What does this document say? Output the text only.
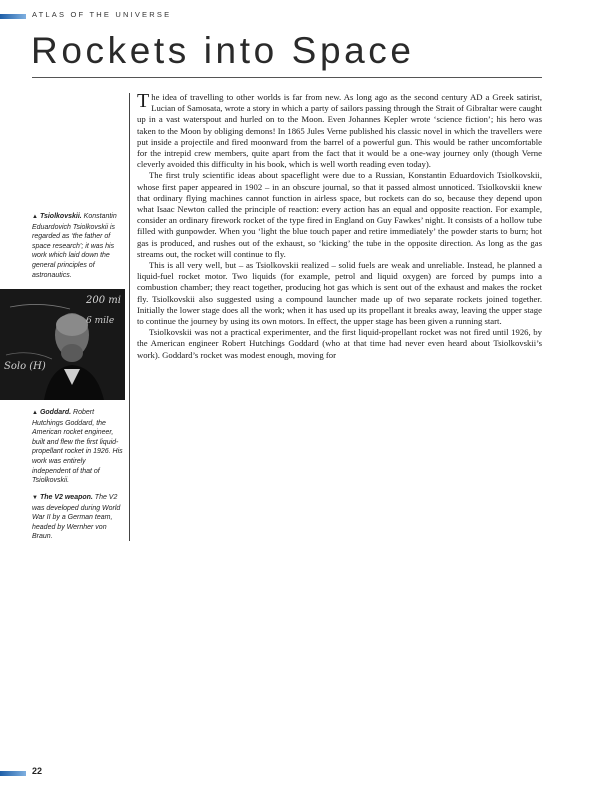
ATLAS OF THE UNIVERSE
Rockets into Space
▲ Tsiolkovskii. Konstantin Eduardovich Tsiolkovskii is regarded as ‘the father of space research’; it was his work which laid down the general principles of astronautics.
200 mi
6 mile
Solo (H)
▲ Goddard. Robert Hutchings Goddard, the American rocket engineer, built and flew the first liquid-propellant rocket in 1926. His work was entirely independent of that of Tsiolkovskii.
▼ The V2 weapon. The V2 was developed during World War II by a German team, headed by Wernher von Braun.

The idea of travelling to other worlds is far from new. As long ago as the second century AD a Greek satirist, Lucian of Samosata, wrote a story in which a party of sailors passing through the Strait of Gibraltar were caught up in a vast waterspout and hurled on to the Moon. Even Johannes Kepler wrote ‘science fiction’; his hero was taken to the Moon by obliging demons! In 1865 Jules Verne published his classic novel in which the travellers were put inside a projectile and fired moonward from the barrel of a powerful gun. This would be rather uncomfortable for the intrepid crew members, quite apart from the fact that it would be a one-way journey only (though Verne cleverly avoided this difficulty in his book, which is well worth reading even today).

The first truly scientific ideas about spaceflight were due to a Russian, Konstantin Eduardovich Tsiolkovskii, whose first paper appeared in 1902 – in an obscure journal, so that it passed almost unnoticed. Tsiolkovskii knew that ordinary flying machines cannot function in airless space, but rockets can do so, because they depend upon what Isaac Newton called the principle of reaction: every action has an equal and opposite reaction. For example, consider an ordinary firework rocket of the type fired in England on Guy Fawkes’ night. It consists of a hollow tube filled with gunpowder. When you ‘light the blue touch paper and retire immediately’ the powder starts to burn; hot gas is produced, and rushes out of the exhaust, so ‘kicking’ the tube in the opposite direction. As long as the gas streams out, the rocket will continue to fly.

This is all very well, but – as Tsiolkovskii realized – solid fuels are weak and unreliable. Instead, he planned a liquid-fuel rocket motor. Two liquids (for example, petrol and liquid oxygen) are forced by pumps into a combustion chamber; they react together, producing hot gas which is sent out of the exhaust and makes the rocket fly. Tsiolkovskii also suggested using a compound launcher made up of two separate rockets joined together. Initially the lower stage does all the work; when it has used up its propellant it breaks away, leaving the upper stage to continue the journey by using its own motors. In effect, the upper stage has been given a running start.

Tsiolkovskii was not a practical experimenter, and the first liquid-propellant rocket was not fired until 1926, by the American engineer Robert Hutchings Goddard (who at that time had never even heard about Tsiolkovskii’s work). Goddard’s rocket was modest enough, moving for

22
